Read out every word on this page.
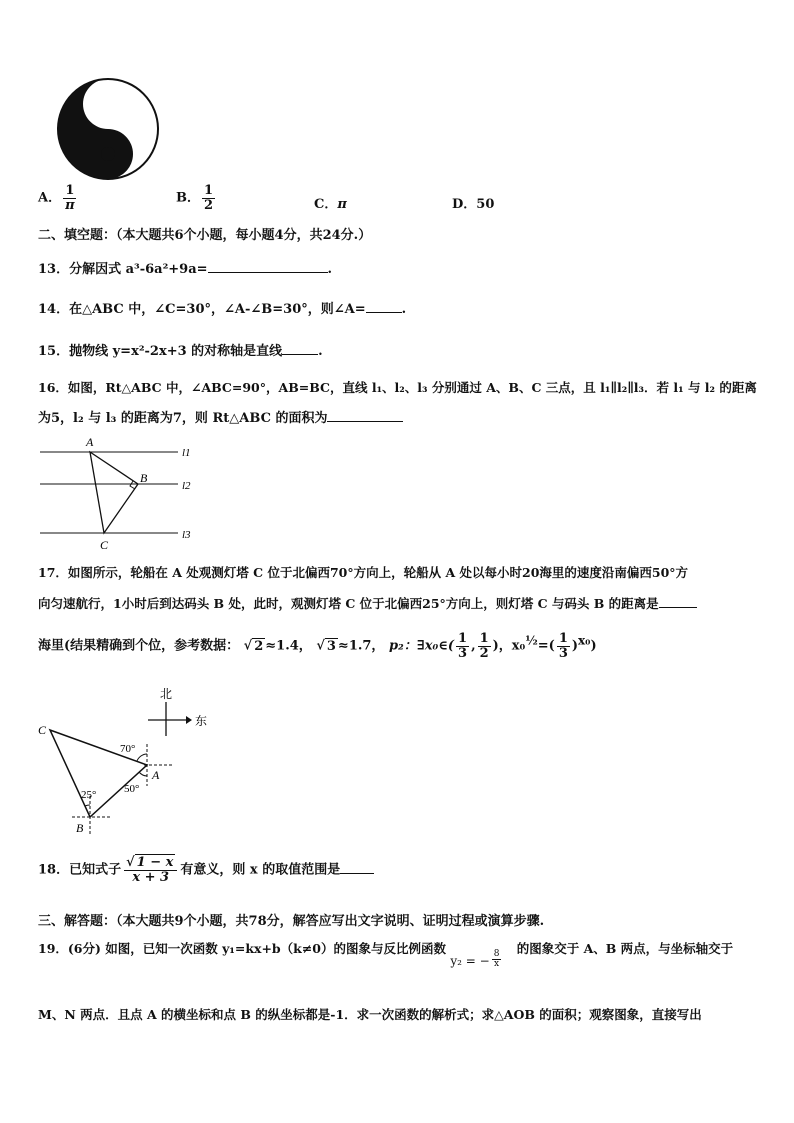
A． $\frac{1}{\pi}$	B． $\frac{1}{2}$	C．π	D．50
二、填空题：（本大题共6个小题，每小题4分，共24分.）
13．分解因式 a³-6a²+9a=	.
14．在△ABC 中，∠C=30°，∠A-∠B=30°，则∠A=	.
15．抛物线 y=x²-2x+3 的对称轴是直线	.
16．如图，Rt△ABC 中，∠ABC=90°，AB=BC，直线 l₁、l₂、l₃ 分别通过 A、B、C 三点，且 l₁∥l₂∥l₃．若 l₁ 与 l₂ 的距离
为5，l₂ 与 l₃ 的距离为7，则 Rt△ABC 的面积为
A
B
C
l1
l2
l3
17．如图所示，轮船在 A 处观测灯塔 C 位于北偏西70°方向上，轮船从 A 处以每小时20海里的速度沿南偏西50°方
向匀速航行，1小时后到达码头 B 处，此时，观测灯塔 C 位于北偏西25°方向上，则灯塔 C 与码头 B 的距离是
海里(结果精确到个位，参考数据： √ 2 ≈1.4， √ 3 ≈1.7， p₂：∃x₀∈( $\frac{1}{3}$ , $\frac{1}{2}$ )，$x_0^{\frac{1}{2}}=( \frac{1}{3} )^{x_0}$)
北
东
70°
50°
25°
A
B
C
18．已知式子 $\frac{√ 1 - x}{x + 3}$ 有意义，则 x 的取值范围是
三、解答题：（本大题共9个小题，共78分，解答应写出文字说明、证明过程或演算步骤.
19．(6分) 如图，已知一次函数 y₁=kx+b（k≠0）的图象与反比例函数 y₂ = − $\frac{8}{x}$
的图象交于 A、B 两点，与坐标轴交于
M、N 两点．且点 A 的横坐标和点 B 的纵坐标都是-1．求一次函数的解析式；求△AOB 的面积；观察图象，直接写出
